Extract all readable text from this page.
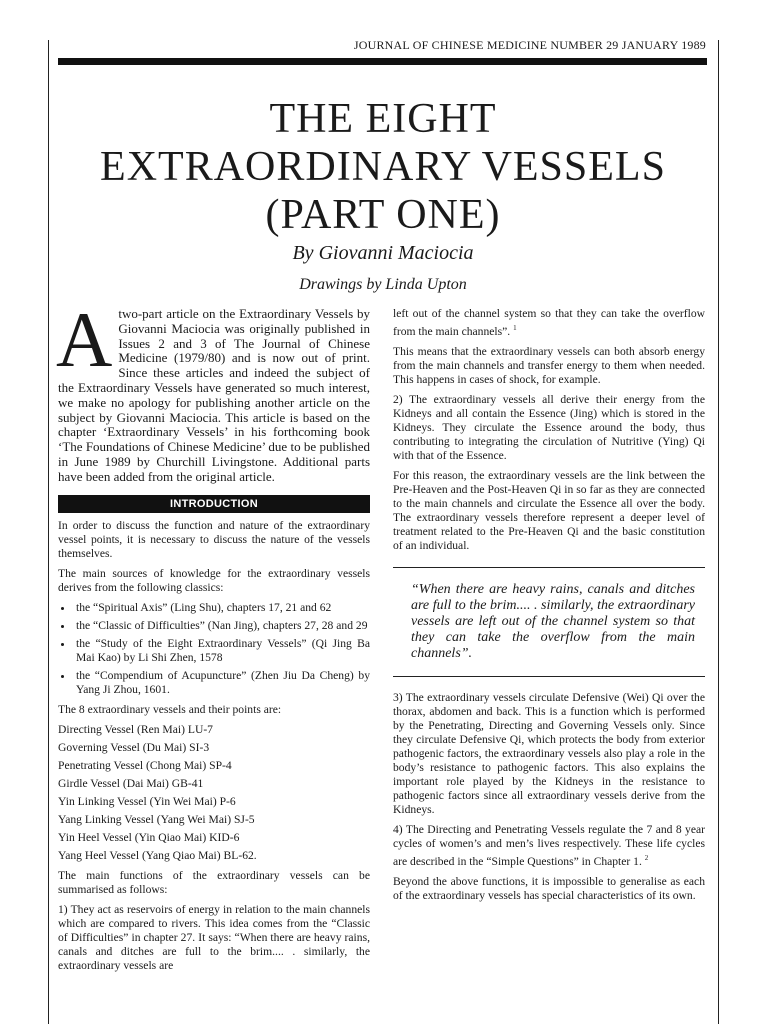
JOURNAL OF CHINESE MEDICINE NUMBER 29 JANUARY 1989
THE EIGHT
EXTRAORDINARY VESSELS
(PART ONE)
By Giovanni Maciocia
Drawings by Linda Upton

Atwo-part article on the Extraordinary Vessels by Giovanni Maciocia was originally published in Issues 2 and 3 of The Journal of Chinese Medicine (1979/80) and is now out of print. Since these articles and indeed the subject of the Extraordinary Vessels have generated so much interest, we make no apology for publishing another article on the subject by Giovanni Maciocia. This article is based on the chapter ‘Extraordinary Vessels’ in his forthcoming book ‘The Foundations of Chinese Medicine’ due to be published in June 1989 by Churchill Livingstone. Additional parts have been added from the original article.

INTRODUCTION

In order to discuss the function and nature of the extraordinary vessel points, it is necessary to discuss the nature of the vessels themselves.

The main sources of knowledge for the extraordinary vessels derives from the following classics:

• the “Spiritual Axis” (Ling Shu), chapters 17, 21 and 62
• the “Classic of Difficulties” (Nan Jing), chapters 27, 28 and 29
• the “Study of the Eight Extraordinary Vessels” (Qi Jing Ba Mai Kao) by Li Shi Zhen, 1578
• the “Compendium of Acupuncture” (Zhen Jiu Da Cheng) by Yang Ji Zhou, 1601.

The 8 extraordinary vessels and their points are:

Directing Vessel (Ren Mai) LU-7
Governing Vessel (Du Mai) SI-3
Penetrating Vessel (Chong Mai) SP-4
Girdle Vessel (Dai Mai) GB-41
Yin Linking Vessel (Yin Wei Mai) P-6
Yang Linking Vessel (Yang Wei Mai) SJ-5
Yin Heel Vessel (Yin Qiao Mai) KID-6
Yang Heel Vessel (Yang Qiao Mai) BL-62.

The main functions of the extraordinary vessels can be summarised as follows:

1) They act as reservoirs of energy in relation to the main channels which are compared to rivers. This idea comes from the “Classic of Difficulties” in chapter 27. It says: “When there are heavy rains, canals and ditches are full to the brim.... . similarly, the extraordinary vessels are

left out of the channel system so that they can take the overflow from the main channels”. $^1$

This means that the extraordinary vessels can both absorb energy from the main channels and transfer energy to them when needed. This happens in cases of shock, for example.

2) The extraordinary vessels all derive their energy from the Kidneys and all contain the Essence (Jing) which is stored in the Kidneys. They circulate the Essence around the body, thus contributing to integrating the circulation of Nutritive (Ying) Qi with that of the Essence.

For this reason, the extraordinary vessels are the link between the Pre-Heaven and the Post-Heaven Qi in so far as they are connected to the main channels and circulate the Essence all over the body. The extraordinary vessels therefore represent a deeper level of treatment related to the Pre-Heaven Qi and the basic constitution of an individual.

“When there are heavy rains, canals and ditches are full to the brim.... . similarly, the extraordinary vessels are left out of the channel system so that they can take the overflow from the main channels”.

3) The extraordinary vessels circulate Defensive (Wei) Qi over the thorax, abdomen and back. This is a function which is performed by the Penetrating, Directing and Governing Vessels only. Since they circulate Defensive Qi, which protects the body from exterior pathogenic factors, the extraordinary vessels also play a role in the body’s resistance to pathogenic factors. This also explains the important role played by the Kidneys in the resistance to pathogenic factors since all extraordinary vessels derive from the Kidneys.

4) The Directing and Penetrating Vessels regulate the 7 and 8 year cycles of women’s and men’s lives respectively. These life cycles are described in the “Simple Questions” in Chapter 1. $^2$

Beyond the above functions, it is impossible to generalise as each of the extraordinary vessels has special characteristics of its own.
